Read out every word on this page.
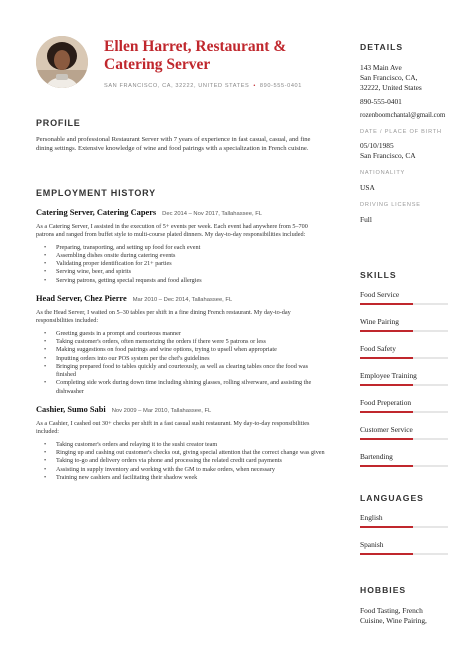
Ellen Harret, Restaurant & Catering Server
SAN FRANCISCO, CA, 32222, UNITED STATES • 890-555-0401
PROFILE

Personable and professional Restaurant Server with 7 years of experience in fast casual, casual, and fine dining settings. Extensive knowledge of wine and food pairings with a specialization in French cuisine.

EMPLOYMENT HISTORY
Catering Server, Catering Capers Dec 2014 – Nov 2017, Tallahassee, FL

As a Catering Server, I assisted in the execution of 5+ events per week. Each event had anywhere from 5–700 patrons and ranged from buffet style to multi-course plated dinners. My day-to-day responsibilities included:

• Preparing, transporting, and setting up food for each event
• Assembling dishes onsite during catering events
• Validating proper identification for 21+ parties
• Serving wine, beer, and spirits
• Serving patrons, getting special requests and food allergies
Head Server, Chez Pierre Mar 2010 – Dec 2014, Tallahassee, FL

As the Head Server, I waited on 5–30 tables per shift in a fine dining French restaurant. My day-to-day responsibilities included:

• Greeting guests in a prompt and courteous manner
• Taking customer's orders, often memorizing the orders if there were 5 patrons or less
• Making suggestions on food pairings and wine options, trying to upsell when appropriate
• Inputting orders into our POS system per the chef's guidelines
• Bringing prepared food to tables quickly and courteously, as well as clearing tables once the food was finished
• Completing side work during down time including shining glasses, rolling silverware, and assisting the dishwasher
Cashier, Sumo Sabi Nov 2009 – Mar 2010, Tallahassee, FL

As a Cashier, I cashed out 30+ checks per shift in a fast casual sushi restaurant. My day-to-day responsibilities included:

• Taking customer's orders and relaying it to the sushi creator team
• Ringing up and cashing out customer's checks out, giving special attention that the correct change was given
• Taking to-go and delivery orders via phone and processing the related credit card payments
• Assisting in supply inventory and working with the GM to make orders, when necessary
• Training new cashiers and facilitating their shadow week
DETAILS

143 Main Ave

San Francisco, CA,

32222, United States

890-555-0401

rozenboomchantal@gmail.com

DATE / PLACE OF BIRTH

05/10/1985

San Francisco, CA

NATIONALITY

USA

DRIVING LICENSE

Full

SKILLS

Food Service

Wine Pairing

Food Safety

Employee Training

Food Preperation

Customer Service

Bartending

LANGUAGES

English

Spanish

HOBBIES

Food Tasting, French

Cuisine, Wine Pairing,
